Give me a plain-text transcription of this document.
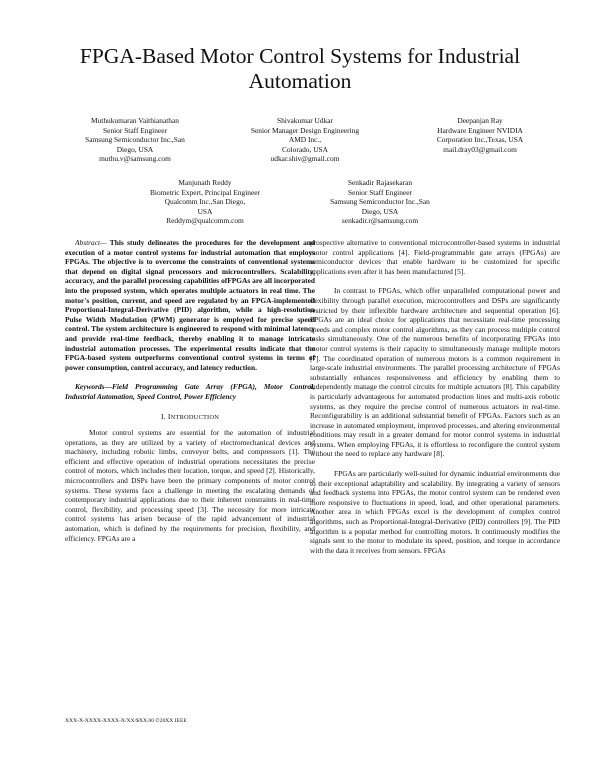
FPGA-Based Motor Control Systems for Industrial Automation
Muthukumaran Vaithianathan
Senior Staff Engineer
Samsung Semiconductor Inc.,San
Diego, USA
muthu.v@samsung.com
Shivakumar Udkar
Senior Manager Design Engineering
AMD Inc.,
Colorado, USA
udkar.shiv@gmail.com
Deepanjan Ray
Hardware Engineer NVIDIA
Corporation Inc.,Texas, USA
mail.dray03@gmail.com
Manjunath Reddy
Biometric Expert, Principal Engineer
Qualcomm Inc.,San Diego,
USA
Reddym@qualcomm.com
Senkadir Rajasekaran
Senior Staff Engineer
Samsung Semiconductor Inc.,San
Diego, USA
senkadir.r@samsung.com

Abstract— This study delineates the procedures for the development and execution of a motor control systems for industrial automation that employs FPGAs. The objective is to overcome the constraints of conventional systems that depend on digital signal processors and microcontrollers. Scalability, accuracy, and the parallel processing capabilities ofFPGAs are all incorporated into the proposed system, which operates multiple actuators in real time. The motor's position, current, and speed are regulated by an FPGA-implemented Proportional-Integral-Derivative (PID) algorithm, while a high-resolution Pulse Width Modulation (PWM) generator is employed for precise speed control. The system architecture is engineered to respond with minimal latency and provide real-time feedback, thereby enabling it to manage intricate industrial automation processes. The experimental results indicate that the FPGA-based system outperforms conventional control systems in terms of power consumption, control accuracy, and latency reduction.

Keywords—Field Programming Gate Array (FPGA), Motor Control, Industrial Automation, Speed Control, Power Efficiency

I. INTRODUCTION

Motor control systems are essential for the automation of industrial operations, as they are utilized by a variety of electromechanical devices and machinery, including robotic limbs, conveyor belts, and compressors [1]. The efficient and effective operation of industrial operations necessitates the precise control of motors, which includes their location, torque, and speed [2]. Historically, microcontrollers and DSPs have been the primary components of motor control systems. These systems face a challenge in meeting the escalating demands of contemporary industrial applications due to their inherent constraints in real-time control, flexibility, and processing speed [3]. The necessity for more intricate control systems has arisen because of the rapid advancement of industrial automation, which is defined by the requirements for precision, flexibility, and efficiency. FPGAs are a

prospective alternative to conventional microcontroller-based systems in industrial motor control applications [4]. Field-programmable gate arrays (FPGAs) are semiconductor devices that enable hardware to be customized for specific applications even after it has been manufactured [5].

In contrast to FPGAs, which offer unparalleled computational power and flexibility through parallel execution, microcontrollers and DSPs are significantly restricted by their inflexible hardware architecture and sequential operation [6]. FPGAs are an ideal choice for applications that necessitate real-time processing speeds and complex motor control algorithms, as they can process multiple control tasks simultaneously. One of the numerous benefits of incorporating FPGAs into motor control systems is their capacity to simultaneously manage multiple motors [7]. The coordinated operation of numerous motors is a common requirement in large-scale industrial environments. The parallel processing architecture of FPGAs substantially enhances responsiveness and efficiency by enabling them to independently manage the control circuits for multiple actuators [8]. This capability is particularly advantageous for automated production lines and multi-axis robotic systems, as they require the precise control of numerous actuators in real-time. Reconfigurability is an additional substantial benefit of FPGAs. Factors such as an increase in automated employment, improved processes, and altering environmental conditions may result in a greater demand for motor control systems in industrial systems. When employing FPGAs, it is effortless to reconfigure the control system without the need to replace any hardware [8].

FPGAs are particularly well-suited for dynamic industrial environments due to their exceptional adaptability and scalability. By integrating a variety of sensors and feedback systems into FPGAs, the motor control system can be rendered even more responsive to fluctuations in speed, load, and other operational parameters. Another area in which FPGAs excel is the development of complex control algorithms, such as Proportional-Integral-Derivative (PID) controllers [9]. The PID algorithm is a popular method for controlling motors. It continuously modifies the signals sent to the motor to modulate its speed, position, and torque in accordance with the data it receives from sensors. FPGAs

XXX-X-XXXX-XXXX-X/XX/$XX.00 ©20XX IEEE
